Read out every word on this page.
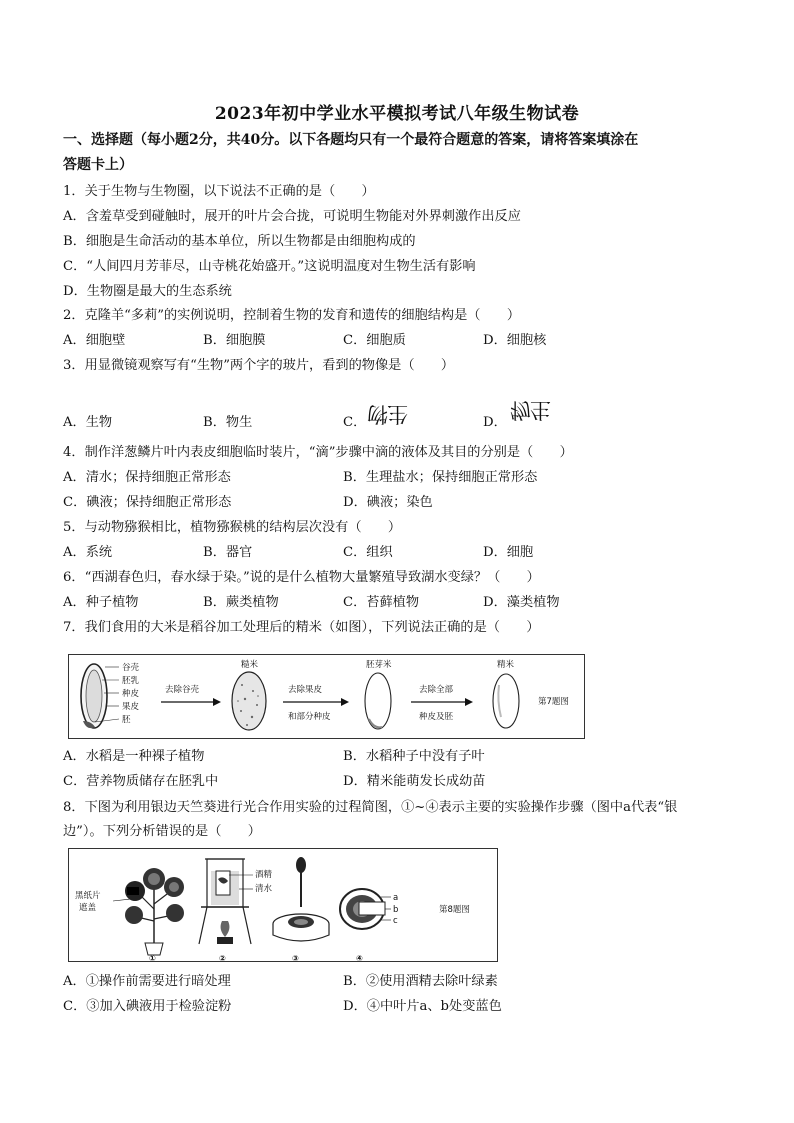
2023年初中学业水平模拟考试八年级生物试卷
一、选择题（每小题2分，共40分。以下各题均只有一个最符合题意的答案，请将答案填涂在
答题卡上）
1．关于生物与生物圈，以下说法不正确的是（　　）
A．含羞草受到碰触时，展开的叶片会合拢，可说明生物能对外界刺激作出反应
B．细胞是生命活动的基本单位，所以生物都是由细胞构成的
C．“人间四月芳菲尽，山寺桃花始盛开。”这说明温度对生物生活有影响
D．生物圈是最大的生态系统
2．克隆羊“多莉”的实例说明，控制着生物的发育和遗传的细胞结构是（　　）
A．细胞壁	B．细胞膜	C．细胞质	D．细胞核
3．用显微镜观察写有“生物”两个字的玻片，看到的物像是（　　）
A．生物	B．物生	C．	D．
生物	物生
4．制作洋葱鳞片叶内表皮细胞临时装片，“滴”步骤中滴的液体及其目的分别是（　　）
A．清水；保持细胞正常形态	B．生理盐水；保持细胞正常形态
C．碘液；保持细胞正常形态	D．碘液；染色
5．与动物猕猴相比，植物猕猴桃的结构层次没有（　　）
A．系统	B．器官	C．组织	D．细胞
6．“西湖春色归，春水绿于染。”说的是什么植物大量繁殖导致湖水变绿？（　　）
A．种子植物	B．蕨类植物	C．苔藓植物	D．藻类植物
7．我们食用的大米是稻谷加工处理后的精米（如图），下列说法正确的是（　　）
谷壳
胚乳
种皮
果皮
胚
去除谷壳
糙米
去除果皮
和部分种皮
胚芽米
去除全部
种皮及胚
精米
第7题图
A．水稻是一种裸子植物	B．水稻种子中没有子叶
C．营养物质储存在胚乳中	D．精米能萌发长成幼苗
8．下图为利用银边天竺葵进行光合作用实验的过程简图，①~④表示主要的实验操作步骤（图中a代表“银
边”）。下列分析错误的是（　　）
黑纸片
遮盖
①
酒精
清水
②	③
a
b
c
④
第8题图
A．①操作前需要进行暗处理	B．②使用酒精去除叶绿素
C．③加入碘液用于检验淀粉	D．④中叶片a、b处变蓝色
